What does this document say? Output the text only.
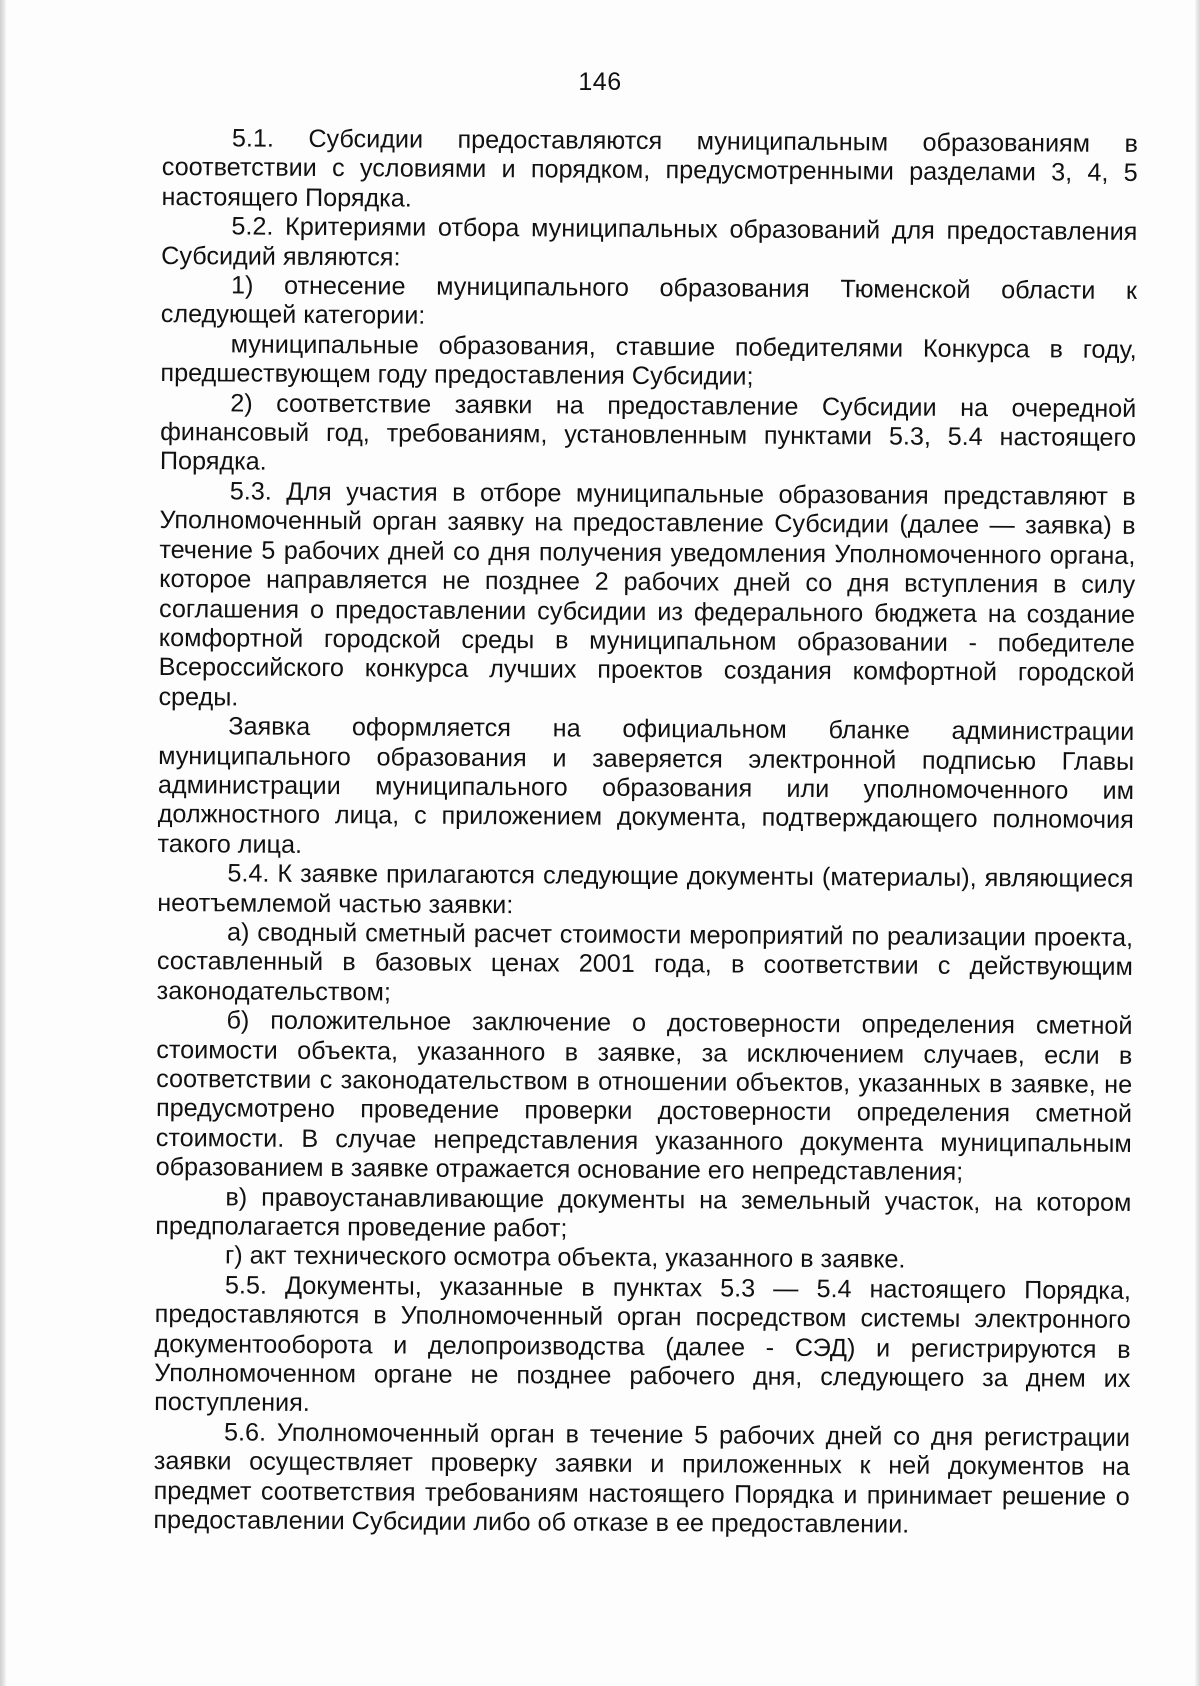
146

5.1. Субсидии предоставляются муниципальным образованиям в соответствии с условиями и порядком, предусмотренными разделами 3, 4, 5 настоящего Порядка.

5.2. Критериями отбора муниципальных образований для предоставления Субсидий являются:

1) отнесение муниципального образования Тюменской области к следующей категории:

муниципальные образования, ставшие победителями Конкурса в году, предшествующем году предоставления Субсидии;

2) соответствие заявки на предоставление Субсидии на очередной финансовый год, требованиям, установленным пунктами 5.3, 5.4 настоящего Порядка.

5.3. Для участия в отборе муниципальные образования представляют в Уполномоченный орган заявку на предоставление Субсидии (далее — заявка) в течение 5 рабочих дней со дня получения уведомления Уполномоченного органа, которое направляется не позднее 2 рабочих дней со дня вступления в силу соглашения о предоставлении субсидии из федерального бюджета на создание комфортной городской среды в муниципальном образовании - победителе Всероссийского конкурса лучших проектов создания комфортной городской среды.

Заявка оформляется на официальном бланке администрации муниципального образования и заверяется электронной подписью Главы администрации муниципального образования или уполномоченного им должностного лица, с приложением документа, подтверждающего полномочия такого лица.

5.4. К заявке прилагаются следующие документы (материалы), являющиеся неотъемлемой частью заявки:

а) сводный сметный расчет стоимости мероприятий по реализации проекта, составленный в базовых ценах 2001 года, в соответствии с действующим законодательством;

б) положительное заключение о достоверности определения сметной стоимости объекта, указанного в заявке, за исключением случаев, если в соответствии с законодательством в отношении объектов, указанных в заявке, не предусмотрено проведение проверки достоверности определения сметной стоимости. В случае непредставления указанного документа муниципальным образованием в заявке отражается основание его непредставления;

в) правоустанавливающие документы на земельный участок, на котором предполагается проведение работ;

г) акт технического осмотра объекта, указанного в заявке.

5.5. Документы, указанные в пунктах 5.3 — 5.4 настоящего Порядка, предоставляются в Уполномоченный орган посредством системы электронного документооборота и делопроизводства (далее - СЭД) и регистрируются в Уполномоченном органе не позднее рабочего дня, следующего за днем их поступления.

5.6. Уполномоченный орган в течение 5 рабочих дней со дня регистрации заявки осуществляет проверку заявки и приложенных к ней документов на предмет соответствия требованиям настоящего Порядка и принимает решение о предоставлении Субсидии либо об отказе в ее предоставлении.
